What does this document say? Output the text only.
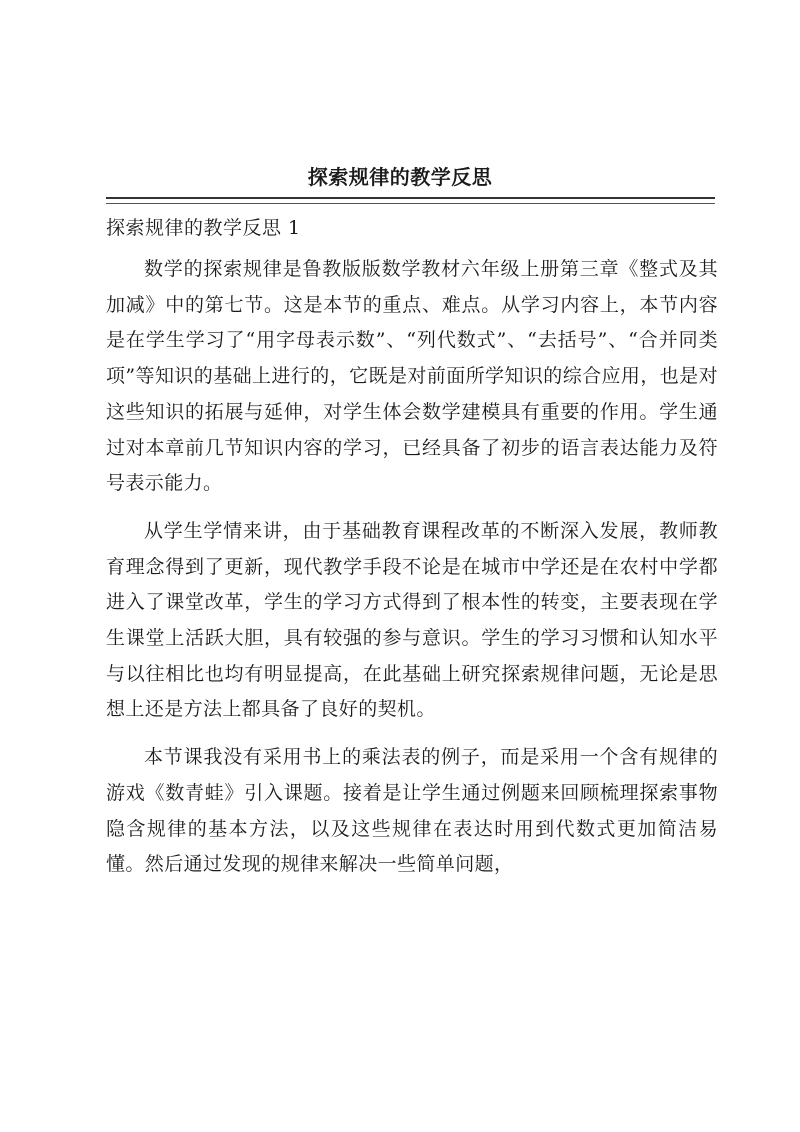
探索规律的教学反思
探索规律的教学反思 1

数学的探索规律是鲁教版版数学教材六年级上册第三章《整式及其加减》中的第七节。这是本节的重点、难点。从学习内容上，本节内容是在学生学习了“用字母表示数”、“列代数式”、“去括号”、“合并同类项”等知识的基础上进行的，它既是对前面所学知识的综合应用，也是对这些知识的拓展与延伸，对学生体会数学建模具有重要的作用。学生通过对本章前几节知识内容的学习，已经具备了初步的语言表达能力及符号表示能力。

从学生学情来讲，由于基础教育课程改革的不断深入发展，教师教育理念得到了更新，现代教学手段不论是在城市中学还是在农村中学都进入了课堂改革，学生的学习方式得到了根本性的转变，主要表现在学生课堂上活跃大胆，具有较强的参与意识。学生的学习习惯和认知水平与以往相比也均有明显提高，在此基础上研究探索规律问题，无论是思想上还是方法上都具备了良好的契机。

本节课我没有采用书上的乘法表的例子，而是采用一个含有规律的游戏《数青蛙》引入课题。接着是让学生通过例题来回顾梳理探索事物隐含规律的基本方法，以及这些规律在表达时用到代数式更加简洁易懂。然后通过发现的规律来解决一些简单问题，
